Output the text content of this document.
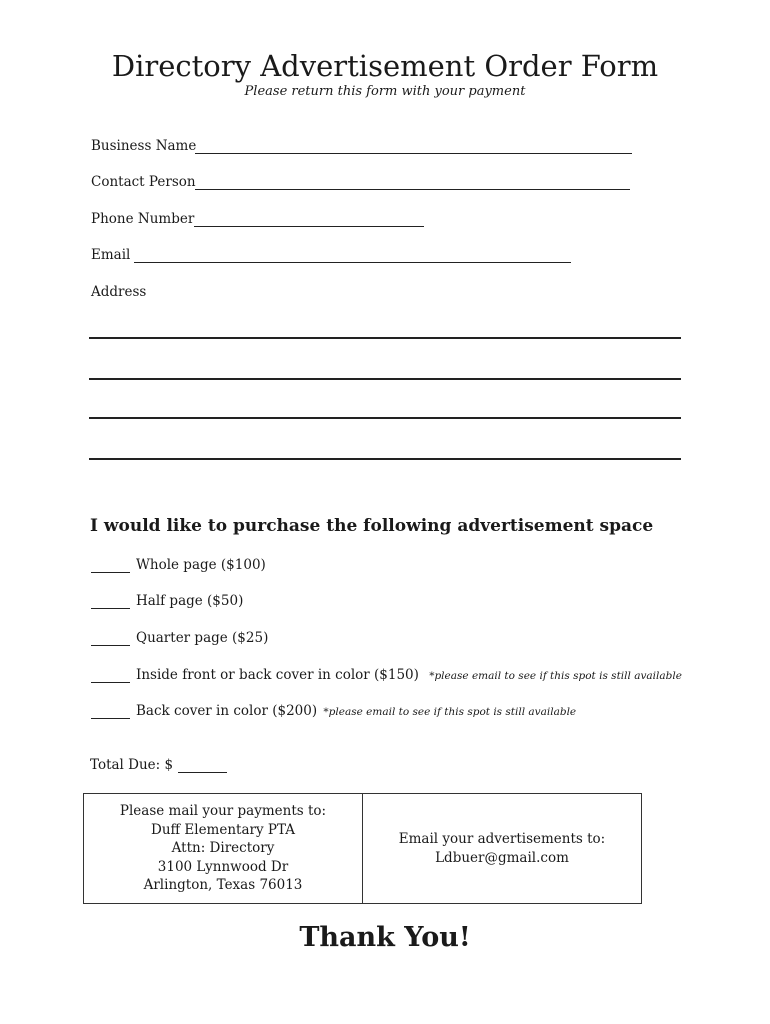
Directory Advertisement Order Form
Please return this form with your payment
Business Name
Contact Person
Phone Number
Email
Address
I would like to purchase the following advertisement space
Whole page ($100)
Half page ($50)
Quarter page ($25)
Inside front or back cover in color ($150) *please email to see if this spot is still available
Back cover in color ($200) *please email to see if this spot is still available
Total Due: $
Please mail your payments to:
Duff Elementary PTA
Attn: Directory
3100 Lynnwood Dr
Arlington, Texas 76013
Email your advertisements to:
Ldbuer@gmail.com
Thank You!
